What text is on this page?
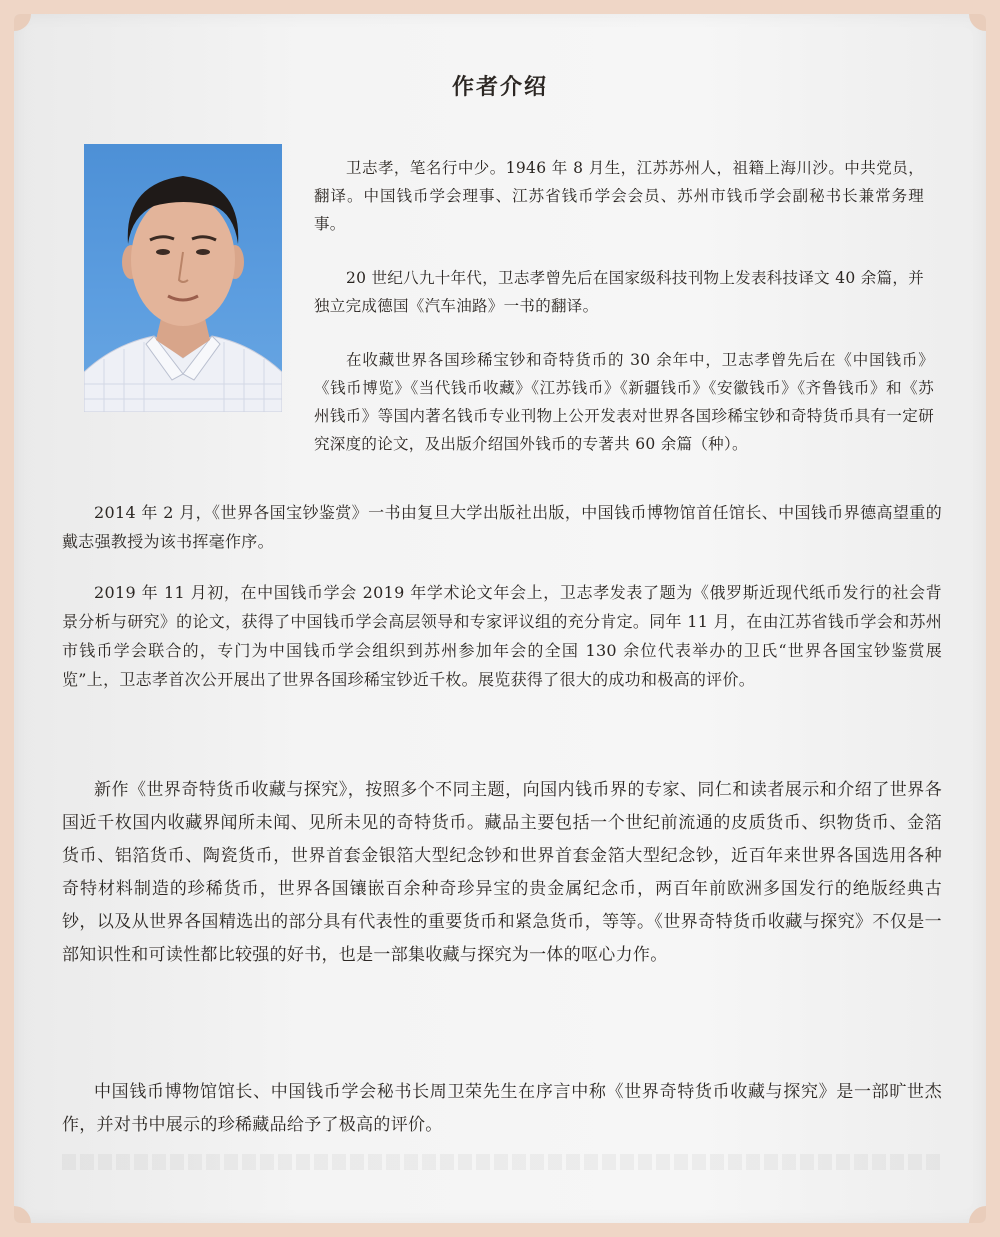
作者介绍

卫志孝，笔名行中少。1946 年 8 月生，江苏苏州人，祖籍上海川沙。中共党员，翻译。中国钱币学会理事、江苏省钱币学会会员、苏州市钱币学会副秘书长兼常务理事。

20 世纪八九十年代，卫志孝曾先后在国家级科技刊物上发表科技译文 40 余篇，并独立完成德国《汽车油路》一书的翻译。

在收藏世界各国珍稀宝钞和奇特货币的 30 余年中，卫志孝曾先后在《中国钱币》《钱币博览》《当代钱币收藏》《江苏钱币》《新疆钱币》《安徽钱币》《齐鲁钱币》和《苏州钱币》等国内著名钱币专业刊物上公开发表对世界各国珍稀宝钞和奇特货币具有一定研究深度的论文，及出版介绍国外钱币的专著共 60 余篇（种）。

2014 年 2 月，《世界各国宝钞鉴赏》一书由复旦大学出版社出版，中国钱币博物馆首任馆长、中国钱币界德高望重的戴志强教授为该书挥毫作序。

2019 年 11 月初，在中国钱币学会 2019 年学术论文年会上，卫志孝发表了题为《俄罗斯近现代纸币发行的社会背景分析与研究》的论文，获得了中国钱币学会高层领导和专家评议组的充分肯定。同年 11 月，在由江苏省钱币学会和苏州市钱币学会联合的，专门为中国钱币学会组织到苏州参加年会的全国 130 余位代表举办的卫氏“世界各国宝钞鉴赏展览”上，卫志孝首次公开展出了世界各国珍稀宝钞近千枚。展览获得了很大的成功和极高的评价。

新作《世界奇特货币收藏与探究》，按照多个不同主题，向国内钱币界的专家、同仁和读者展示和介绍了世界各国近千枚国内收藏界闻所未闻、见所未见的奇特货币。藏品主要包括一个世纪前流通的皮质货币、织物货币、金箔货币、铝箔货币、陶瓷货币，世界首套金银箔大型纪念钞和世界首套金箔大型纪念钞，近百年来世界各国选用各种奇特材料制造的珍稀货币，世界各国镶嵌百余种奇珍异宝的贵金属纪念币，两百年前欧洲多国发行的绝版经典古钞，以及从世界各国精选出的部分具有代表性的重要货币和紧急货币，等等。《世界奇特货币收藏与探究》不仅是一部知识性和可读性都比较强的好书，也是一部集收藏与探究为一体的呕心力作。

中国钱币博物馆馆长、中国钱币学会秘书长周卫荣先生在序言中称《世界奇特货币收藏与探究》是一部旷世杰作，并对书中展示的珍稀藏品给予了极高的评价。
